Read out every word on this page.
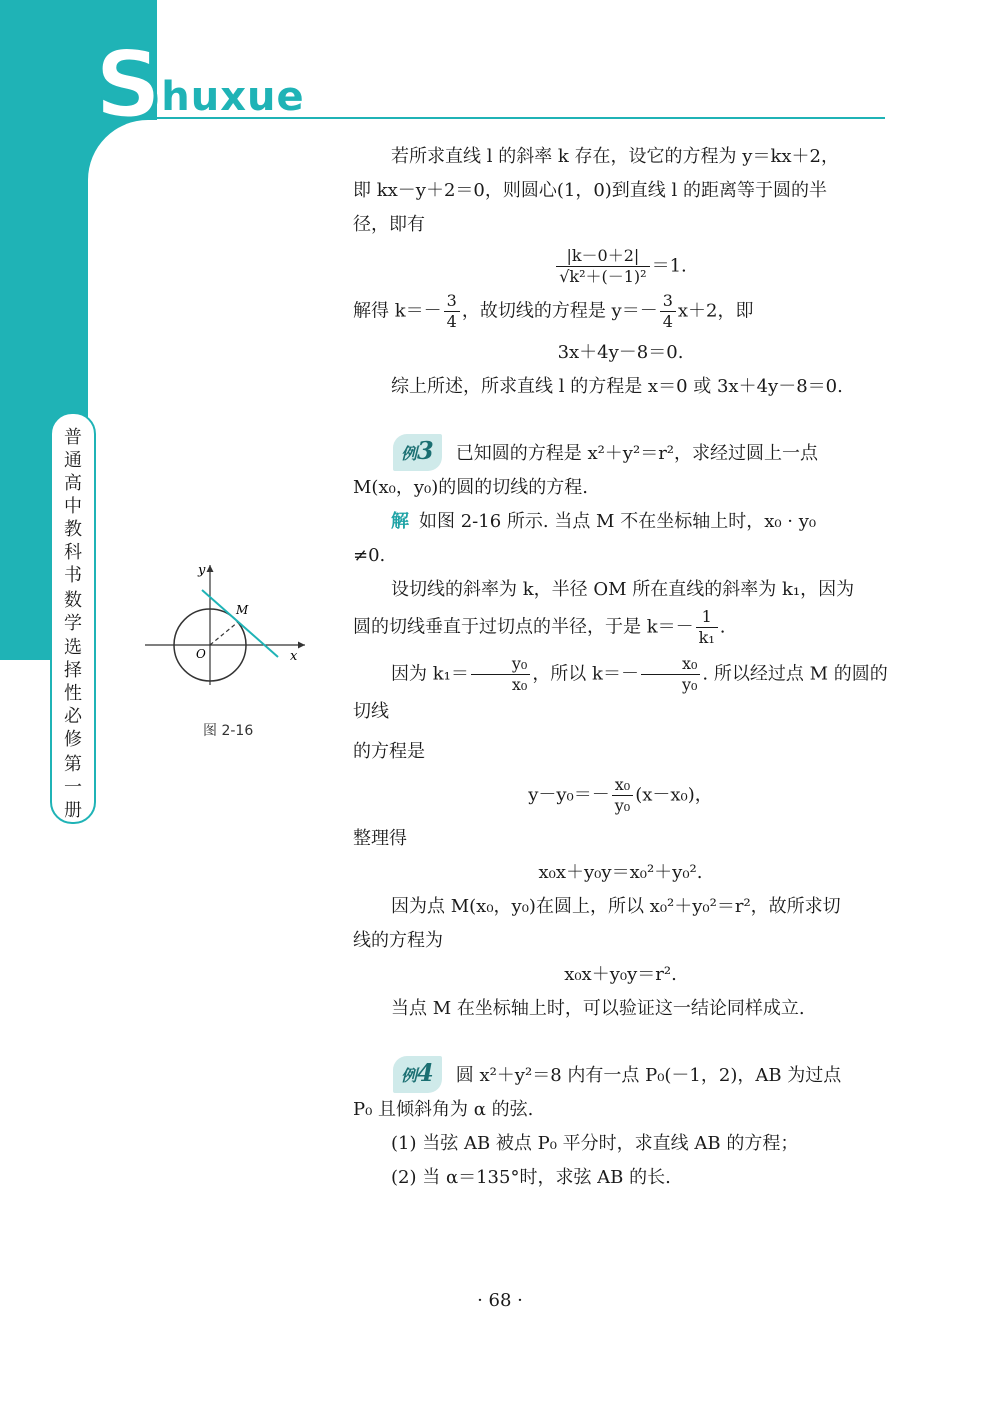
Shuxue
普
通
高
中
教
科
书
数
学
选
择
性
必
修
第
一
册

若所求直线 l 的斜率 k 存在，设它的方程为 y＝kx＋2，

即 kx－y＋2＝0，则圆心(1，0)到直线 l 的距离等于圆的半

径，即有

$\frac{|k-0+2|}{\text{√k²＋(－1)²}} =1$.

解得 $k=- \frac{3}{4}$ ，故切线的方程是 $y=- \frac{3}{4} x+2$，即

3x＋4y－8＝0.

综上所述，所求直线 l 的方程是 x＝0 或 3x＋4y－8＝0.

例3 已知圆的方程是 x²＋y²＝r²，求经过圆上一点

M(x₀，y₀)的圆的切线的方程.

解 如图 2-16 所示. 当点 M 不在坐标轴上时，x₀ · y₀

≠0.

设切线的斜率为 k，半径 OM 所在直线的斜率为 k₁，因为

圆的切线垂直于过切点的半径，于是 $k=- \frac{1}{\text{k₁}}$ .

因为 $k_1= \frac{\text{y₀}}{\text{x₀}}$ ，所以 $k=- \frac{\text{x₀}}{\text{y₀}}$ . 所以经过点 M 的圆的切线

的方程是

$y-y_0=- \frac{\text{x₀}}{\text{y₀}} (x-x_0)$，

整理得

x₀x＋y₀y＝x₀²＋y₀².

因为点 M(x₀，y₀)在圆上，所以 x₀²＋y₀²＝r²，故所求切

线的方程为

x₀x＋y₀y＝r².

当点 M 在坐标轴上时，可以验证这一结论同样成立.

例4 圆 x²＋y²＝8 内有一点 P₀(－1，2)，AB 为过点

P₀ 且倾斜角为 α 的弦.

(1) 当弦 AB 被点 P₀ 平分时，求直线 AB 的方程；

(2) 当 α＝135°时，求弦 AB 的长.

y
x
O
M
图 2-16
· 68 ·
